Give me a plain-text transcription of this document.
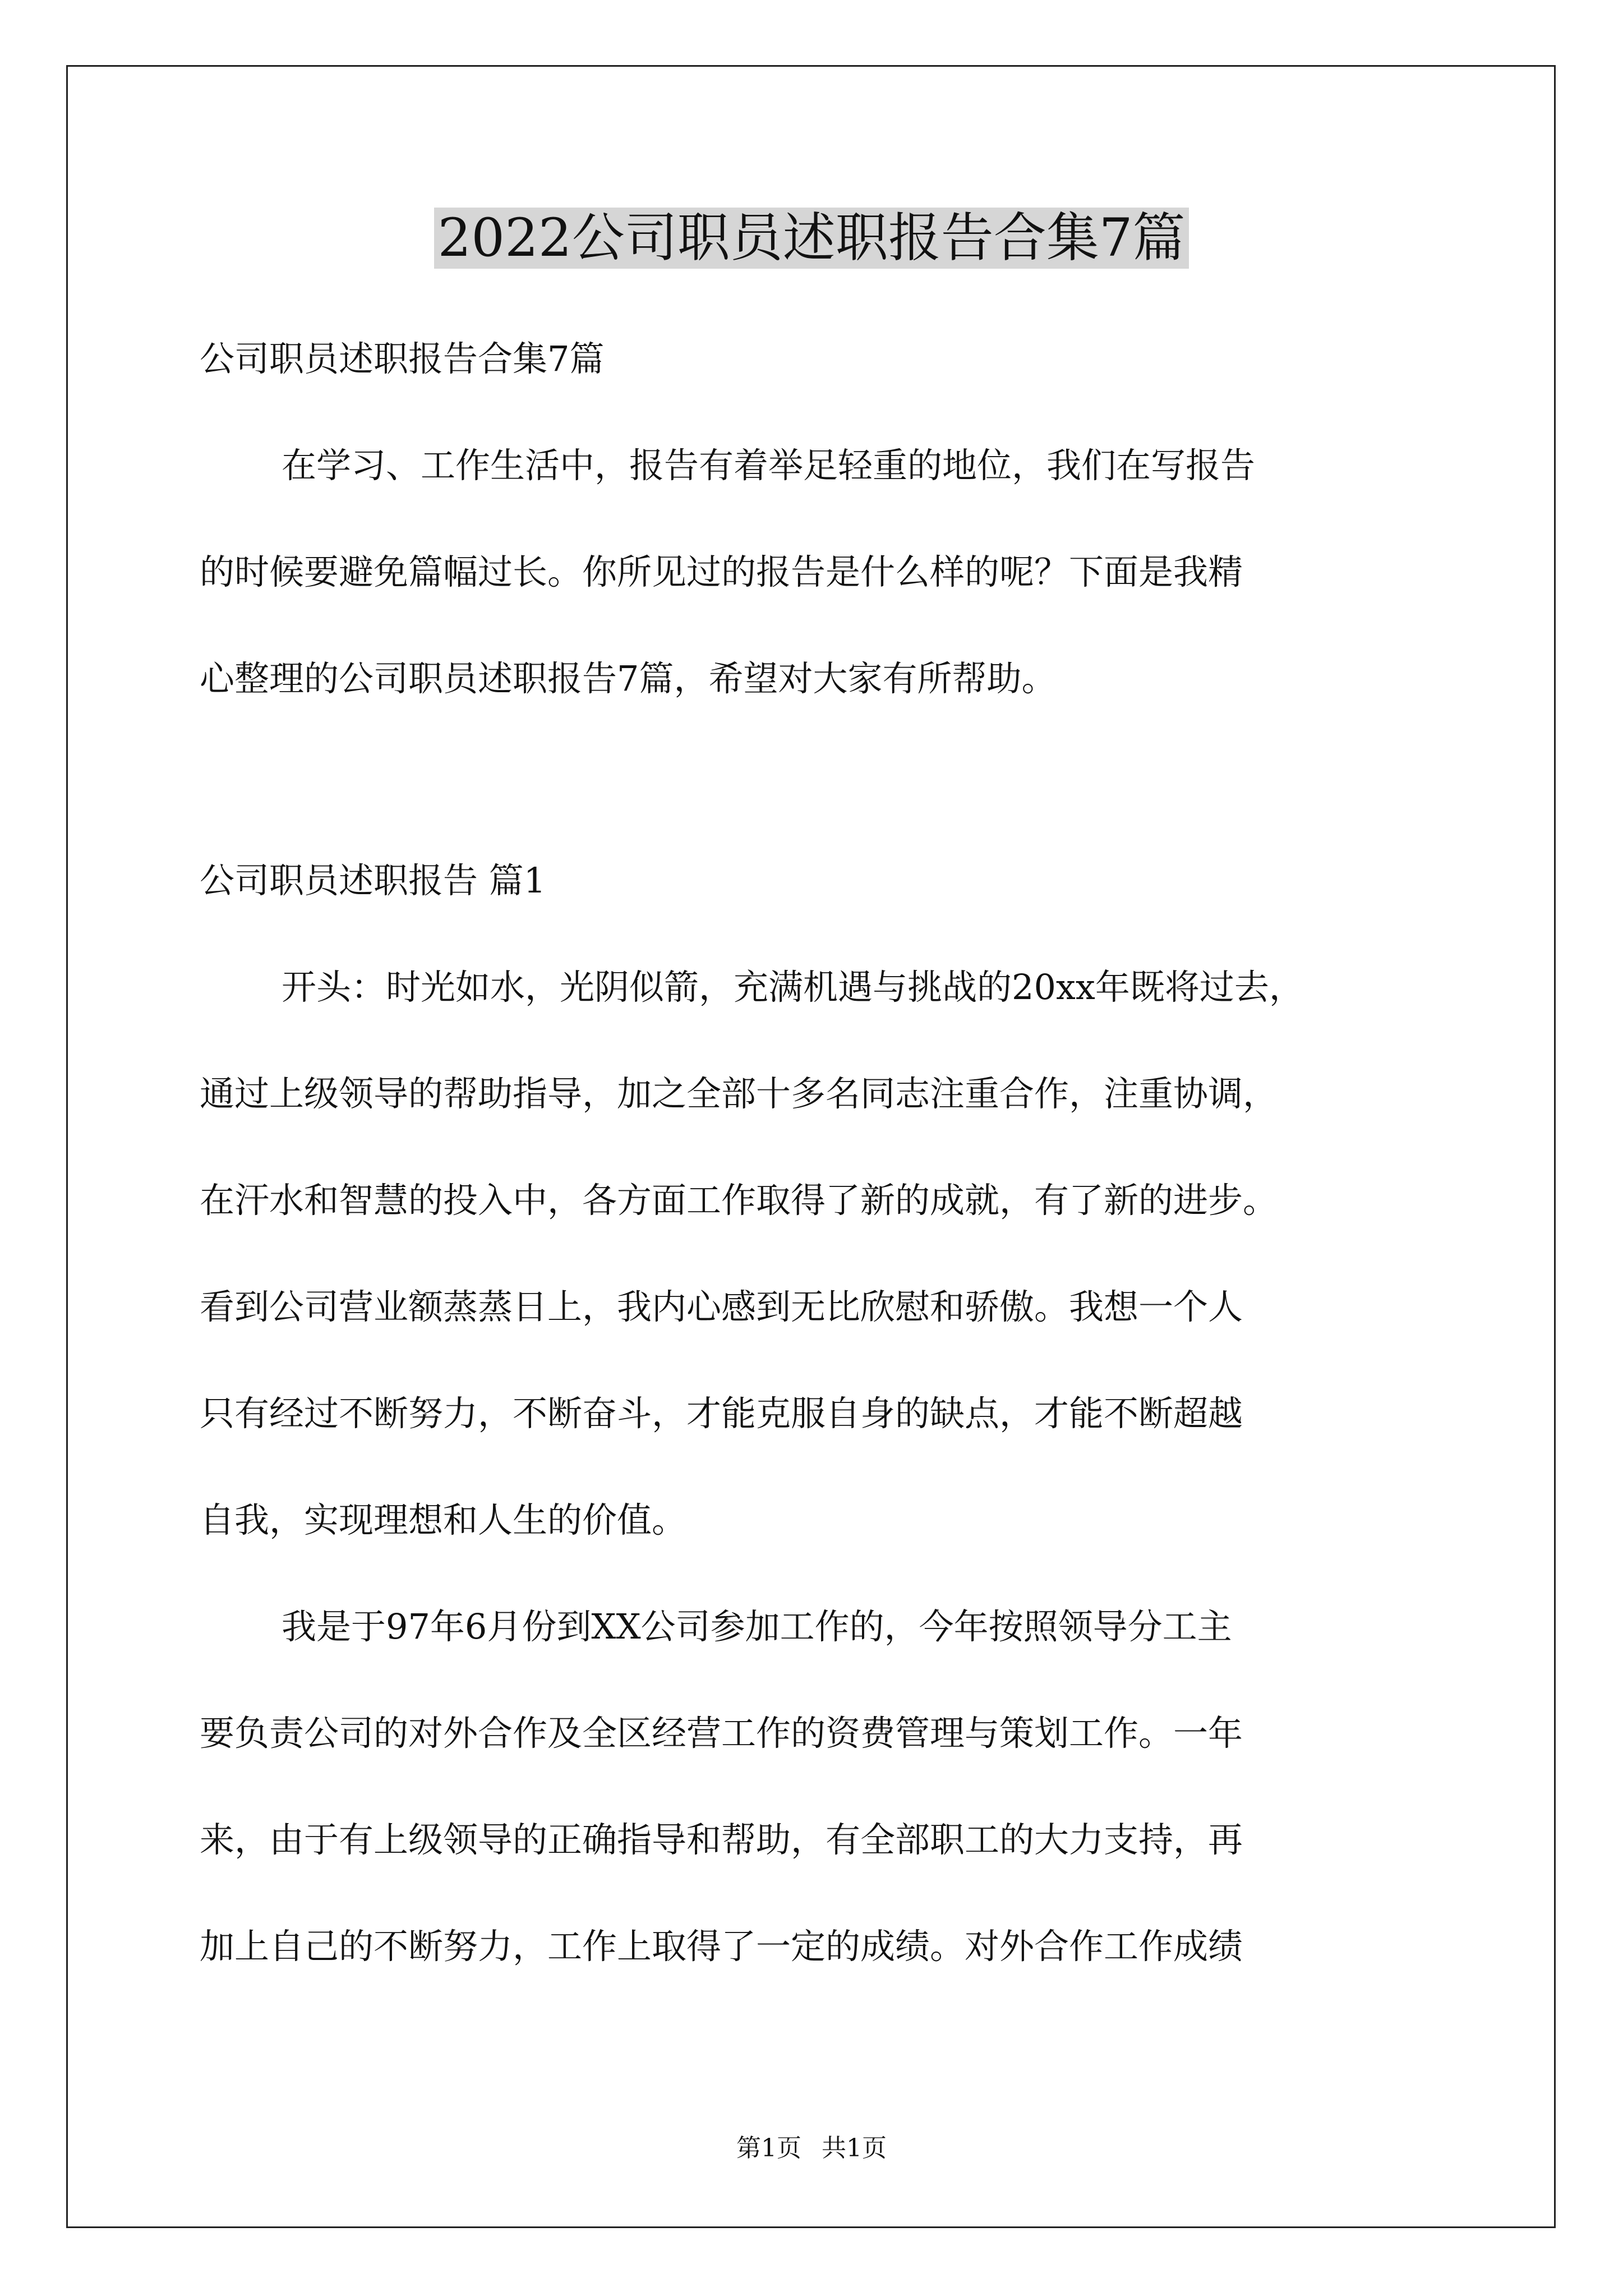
2022公司职员述职报告合集7篇

公司职员述职报告合集7篇

在学习、工作生活中，报告有着举足轻重的地位，我们在写报告

的时候要避免篇幅过长。你所见过的报告是什么样的呢？下面是我精

心整理的公司职员述职报告7篇，希望对大家有所帮助。

公司职员述职报告 篇1

开头：时光如水，光阴似箭，充满机遇与挑战的20xx年既将过去，

通过上级领导的帮助指导，加之全部十多名同志注重合作，注重协调，

在汗水和智慧的投入中，各方面工作取得了新的成就，有了新的进步。

看到公司营业额蒸蒸日上，我内心感到无比欣慰和骄傲。我想一个人

只有经过不断努力，不断奋斗，才能克服自身的缺点，才能不断超越

自我，实现理想和人生的价值。

我是于97年6月份到XX公司参加工作的，今年按照领导分工主

要负责公司的对外合作及全区经营工作的资费管理与策划工作。一年

来，由于有上级领导的正确指导和帮助，有全部职工的大力支持，再

加上自己的不断努力，工作上取得了一定的成绩。对外合作工作成绩

第1页 共1页
